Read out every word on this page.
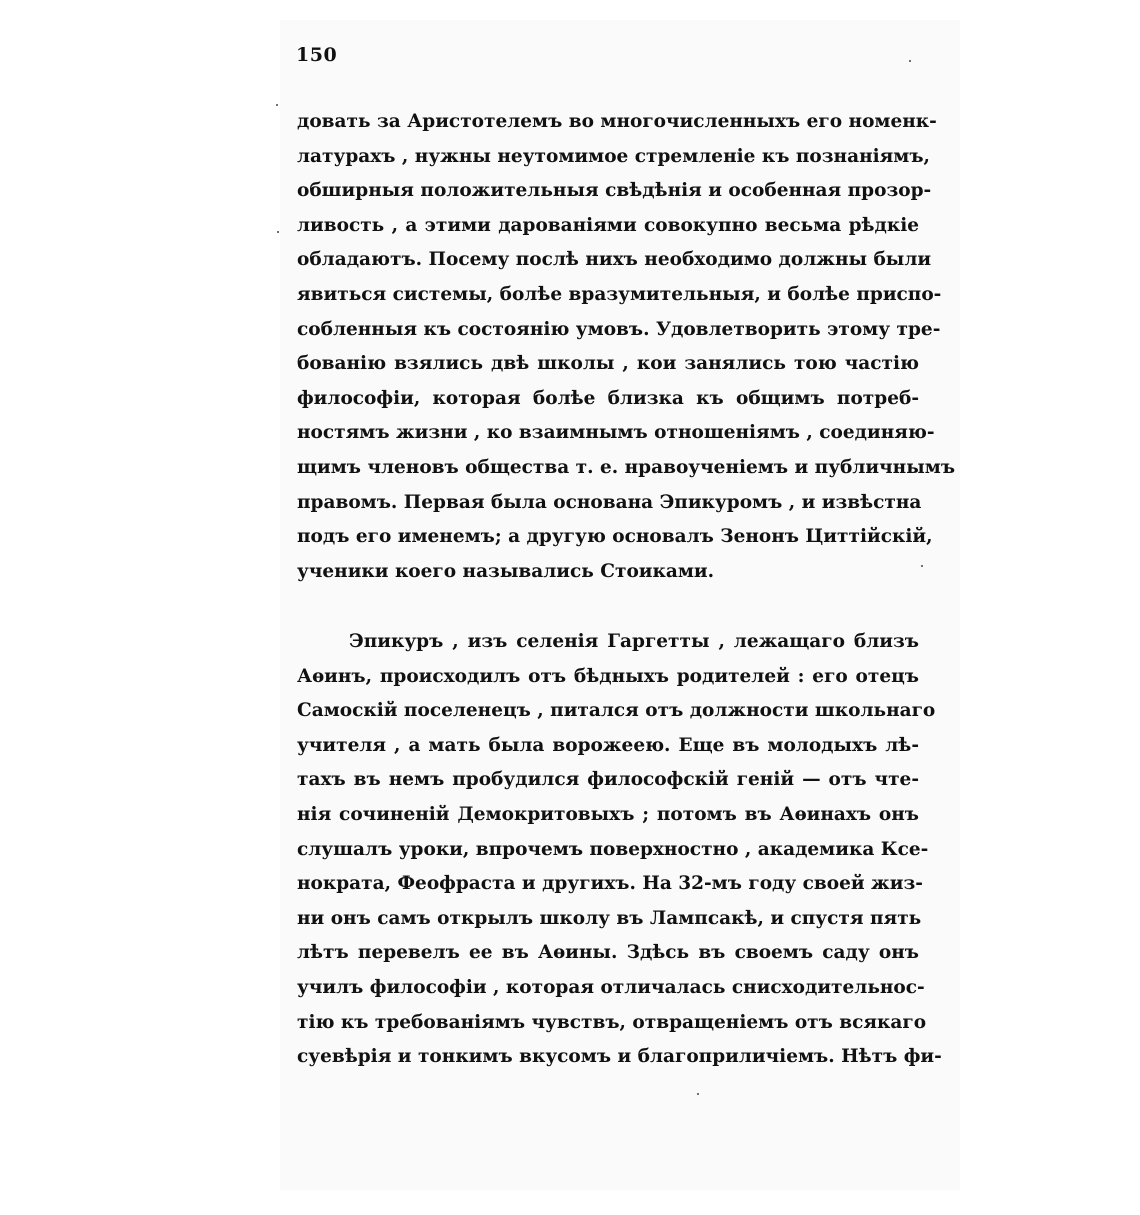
150
довать за Аристотелемъ во многочисленныхъ его номенк-
латурахъ , нужны неутомимое стремленіе къ познаніямъ,
обширныя положительныя свѣдѣнія и особенная прозор-
ливость , а этими дарованіями совокупно весьма рѣдкіе
обладаютъ. Посему послѣ нихъ необходимо должны были
явиться системы, болѣе вразумительныя, и болѣе приспо-
собленныя къ состоянію умовъ. Удовлетворить этому тре-
бованію взялись двѣ школы , кои занялись тою частію
философіи, которая болѣе близка къ общимъ потреб-
ностямъ жизни , ко взаимнымъ отношеніямъ , соединяю-
щимъ членовъ общества т. е. нравоученіемъ и публичнымъ
правомъ. Первая была основана Эпикуромъ , и извѣстна
подъ его именемъ; а другую основалъ Зенонъ Циттійскій,
ученики коего назывались Стоиками.
Эпикуръ , изъ селенія Гаргетты , лежащаго близъ
Аѳинъ, происходилъ отъ бѣдныхъ родителей : его отецъ
Самоскій поселенецъ , питался отъ должности школьнаго
учителя , а мать была ворожеею. Еще въ молодыхъ лѣ-
тахъ въ немъ пробудился философскій геній — отъ чте-
нія сочиненій Демокритовыхъ ; потомъ въ Аѳинахъ онъ
слушалъ уроки, впрочемъ поверхностно , академика Ксе-
нократа, Феофраста и другихъ. На 32-мъ году своей жиз-
ни онъ самъ открылъ школу въ Лампсакѣ, и спустя пять
лѣтъ перевелъ ее въ Аѳины. Здѣсь въ своемъ саду онъ
училъ философіи , которая отличалась снисходительнос-
тію къ требованіямъ чувствъ, отвращеніемъ отъ всякаго
суевѣрія и тонкимъ вкусомъ и благоприличіемъ. Нѣтъ фи-
